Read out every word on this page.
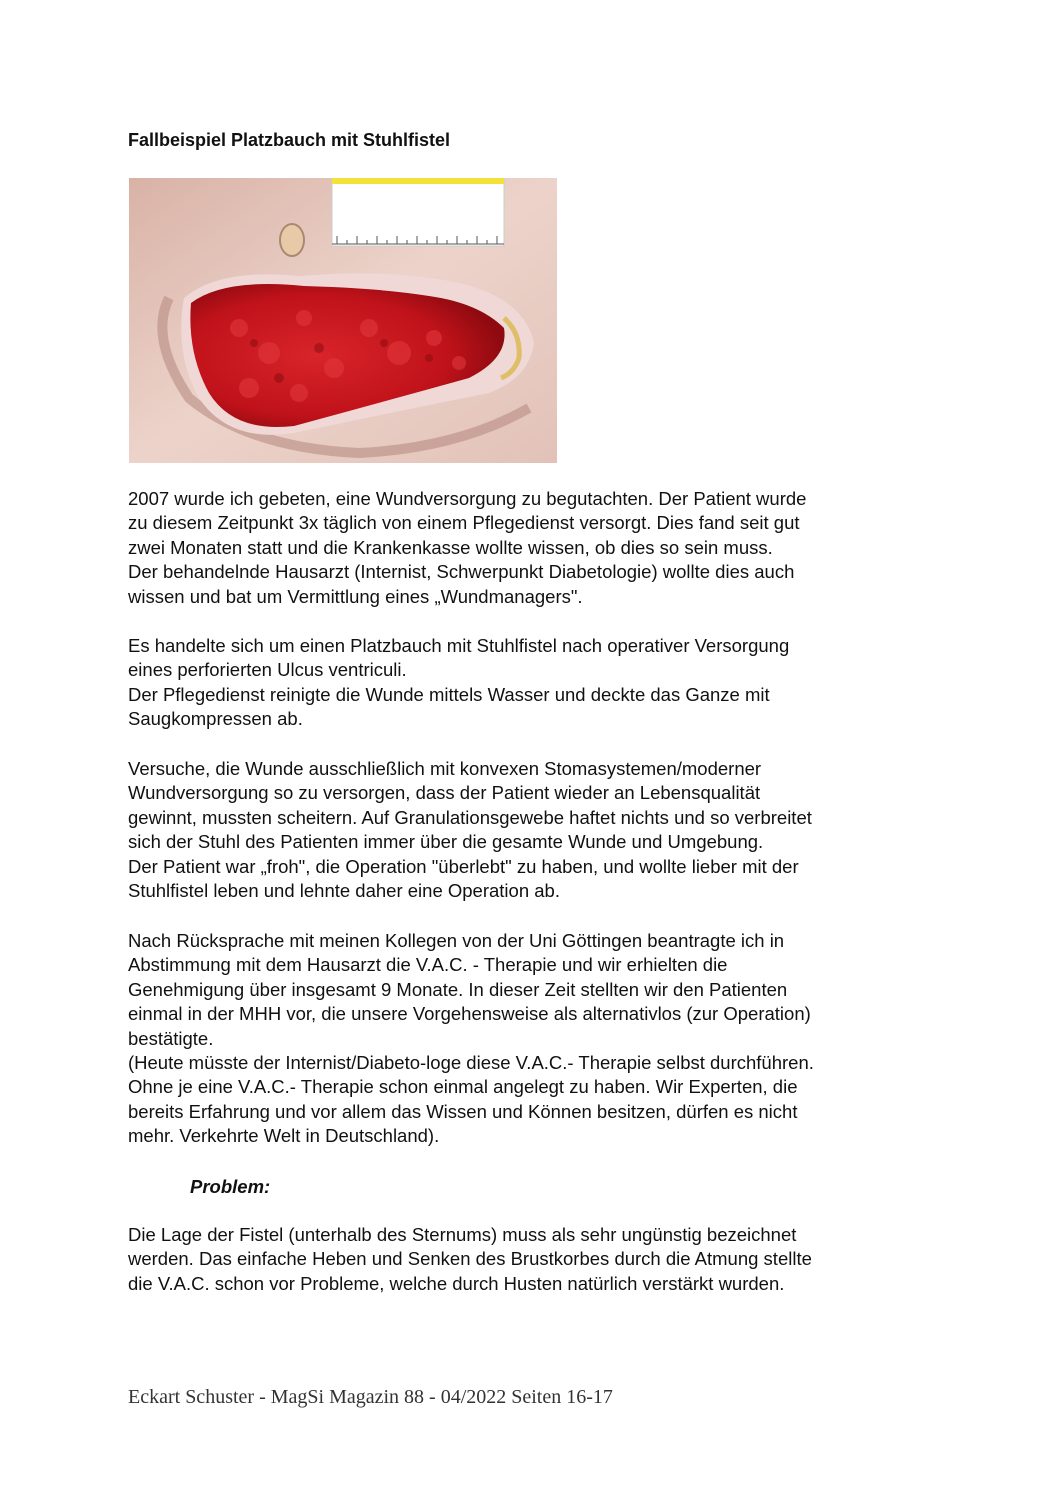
Fallbeispiel Platzbauch mit Stuhlfistel
2007 wurde ich gebeten, eine Wundversorgung zu begutachten. Der Patient wurde
zu diesem Zeitpunkt 3x täglich von einem Pflegedienst versorgt. Dies fand seit gut
zwei Monaten statt und die Krankenkasse wollte wissen, ob dies so sein muss.
Der behandelnde Hausarzt (Internist, Schwerpunkt Diabetologie) wollte dies auch
wissen und bat um Vermittlung eines „Wundmanagers".
Es handelte sich um einen Platzbauch mit Stuhlfistel nach operativer Versorgung
eines perforierten Ulcus ventriculi.
Der Pflegedienst reinigte die Wunde mittels Wasser und deckte das Ganze mit
Saugkompressen ab.
Versuche, die Wunde ausschließlich mit konvexen Stomasystemen/moderner
Wundversorgung so zu versorgen, dass der Patient wieder an Lebensqualität
gewinnt, mussten scheitern. Auf Granulationsgewebe haftet nichts und so verbreitet
sich der Stuhl des Patienten immer über die gesamte Wunde und Umgebung.
Der Patient war „froh", die Operation "überlebt" zu haben, und wollte lieber mit der
Stuhlfistel leben und lehnte daher eine Operation ab.
Nach Rücksprache mit meinen Kollegen von der Uni Göttingen beantragte ich in
Abstimmung mit dem Hausarzt die V.A.C. - Therapie und wir erhielten die
Genehmigung über insgesamt 9 Monate. In dieser Zeit stellten wir den Patienten
einmal in der MHH vor, die unsere Vorgehensweise als alternativlos (zur Operation)
bestätigte.
(Heute müsste der Internist/Diabeto-loge diese V.A.C.- Therapie selbst durchführen.
Ohne je eine V.A.C.- Therapie schon einmal angelegt zu haben. Wir Experten, die
bereits Erfahrung und vor allem das Wissen und Können besitzen, dürfen es nicht
mehr. Verkehrte Welt in Deutschland).
Problem:
Die Lage der Fistel (unterhalb des Sternums) muss als sehr ungünstig bezeichnet
werden. Das einfache Heben und Senken des Brustkorbes durch die Atmung stellte
die V.A.C. schon vor Probleme, welche durch Husten natürlich verstärkt wurden.

Eckart Schuster - MagSi Magazin 88 - 04/2022 Seiten 16-17
